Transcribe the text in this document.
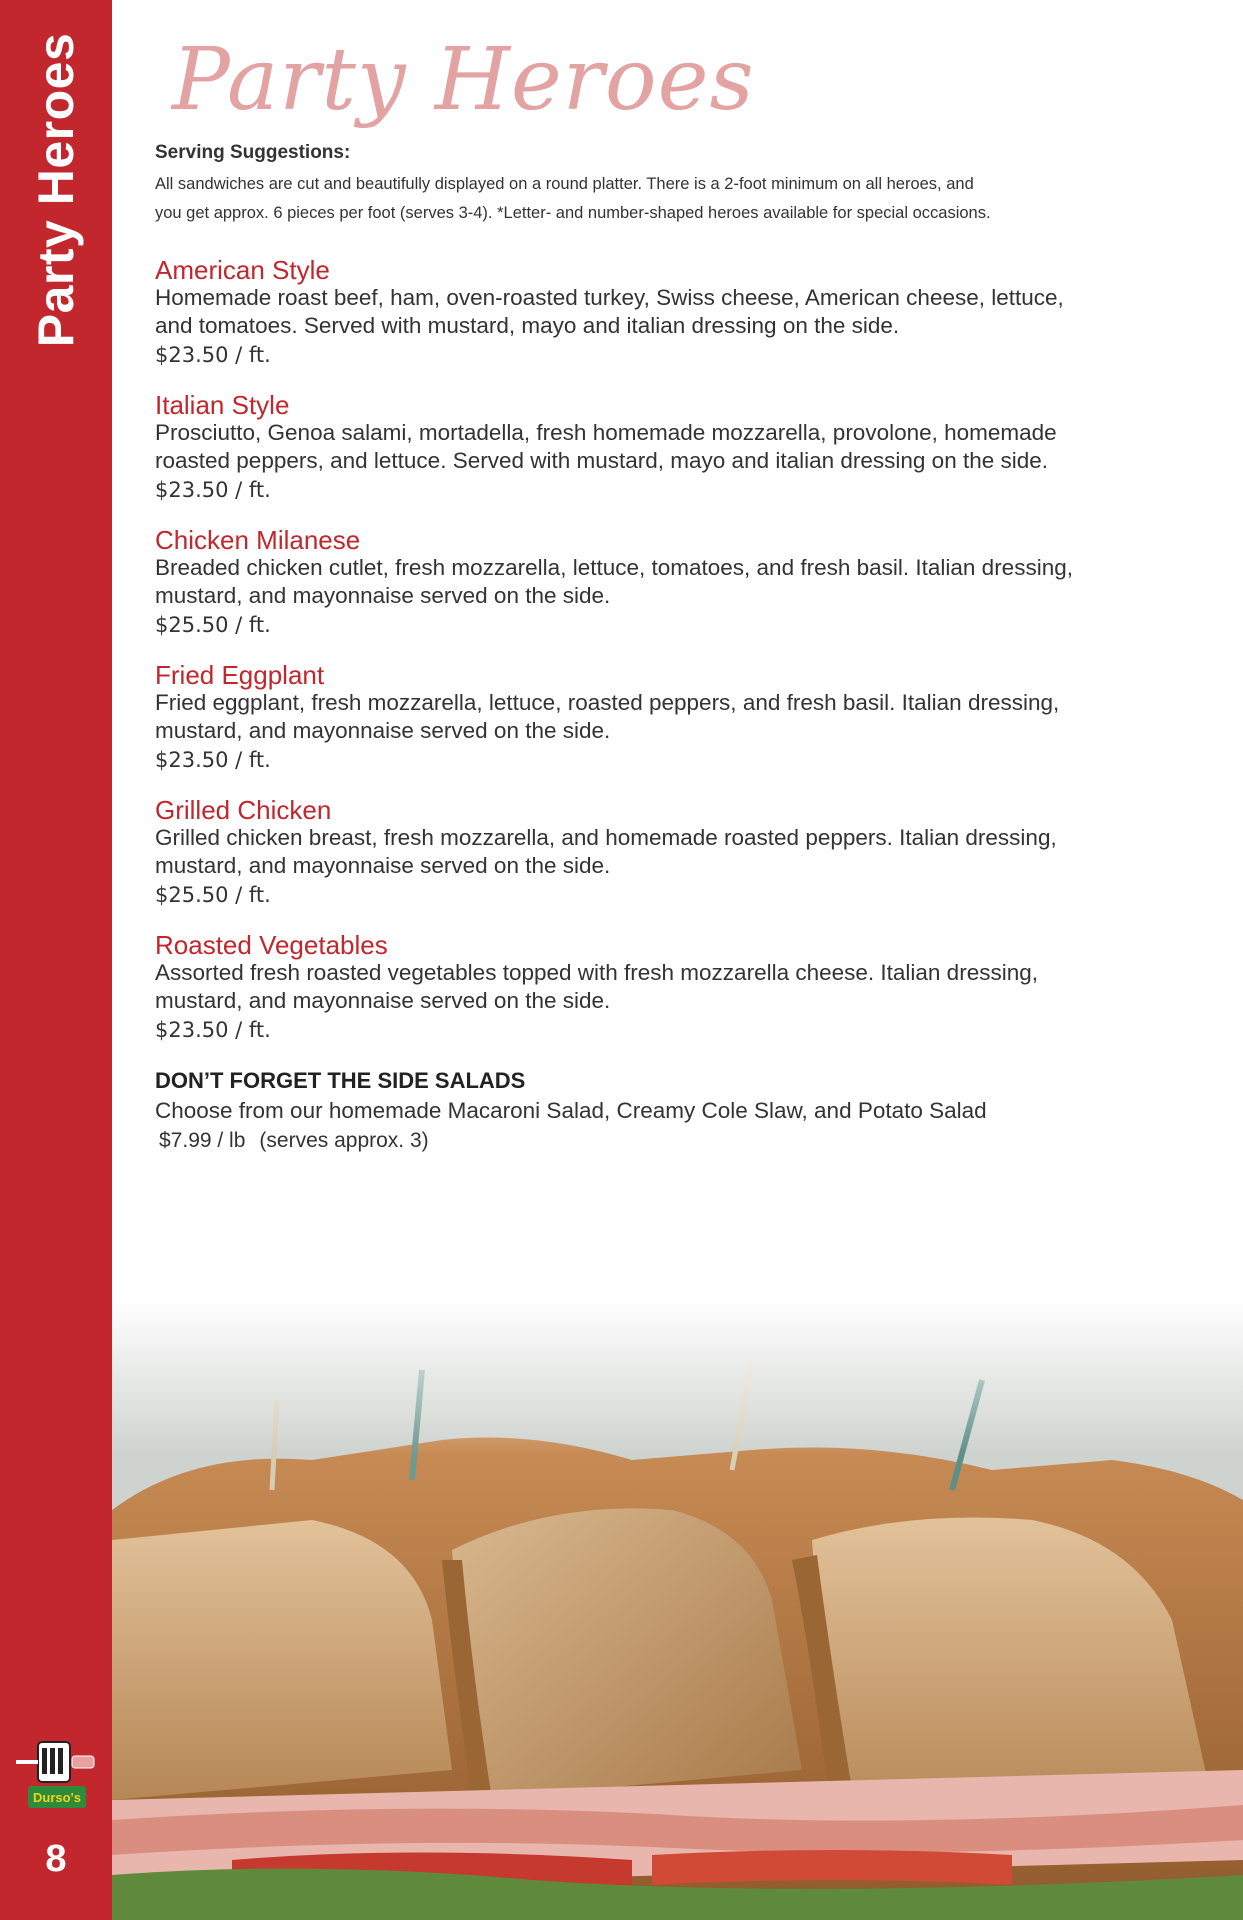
Party Heroes
Durso's
8
Party Heroes
Serving Suggestions:

All sandwiches are cut and beautifully displayed on a round platter. There is a 2-foot minimum on all heroes, and
you get approx. 6 pieces per foot (serves 3-4). *Letter- and number-shaped heroes available for special occasions.

American Style
Homemade roast beef, ham, oven-roasted turkey, Swiss cheese, American cheese, lettuce,
and tomatoes. Served with mustard, mayo and italian dressing on the side.
$23.50 / ft.
Italian Style
Prosciutto, Genoa salami, mortadella, fresh homemade mozzarella, provolone, homemade
roasted peppers, and lettuce. Served with mustard, mayo and italian dressing on the side.
$23.50 / ft.
Chicken Milanese
Breaded chicken cutlet, fresh mozzarella, lettuce, tomatoes, and fresh basil. Italian dressing,
mustard, and mayonnaise served on the side.
$25.50 / ft.
Fried Eggplant
Fried eggplant, fresh mozzarella, lettuce, roasted peppers, and fresh basil. Italian dressing,
mustard, and mayonnaise served on the side.
$23.50 / ft.
Grilled Chicken
Grilled chicken breast, fresh mozzarella, and homemade roasted peppers. Italian dressing,
mustard, and mayonnaise served on the side.
$25.50 / ft.
Roasted Vegetables
Assorted fresh roasted vegetables topped with fresh mozzarella cheese. Italian dressing,
mustard, and mayonnaise served on the side.
$23.50 / ft.
DON’T FORGET THE SIDE SALADS
Choose from our homemade Macaroni Salad, Creamy Cole Slaw, and Potato Salad
$7.99 / lb (serves approx. 3)
